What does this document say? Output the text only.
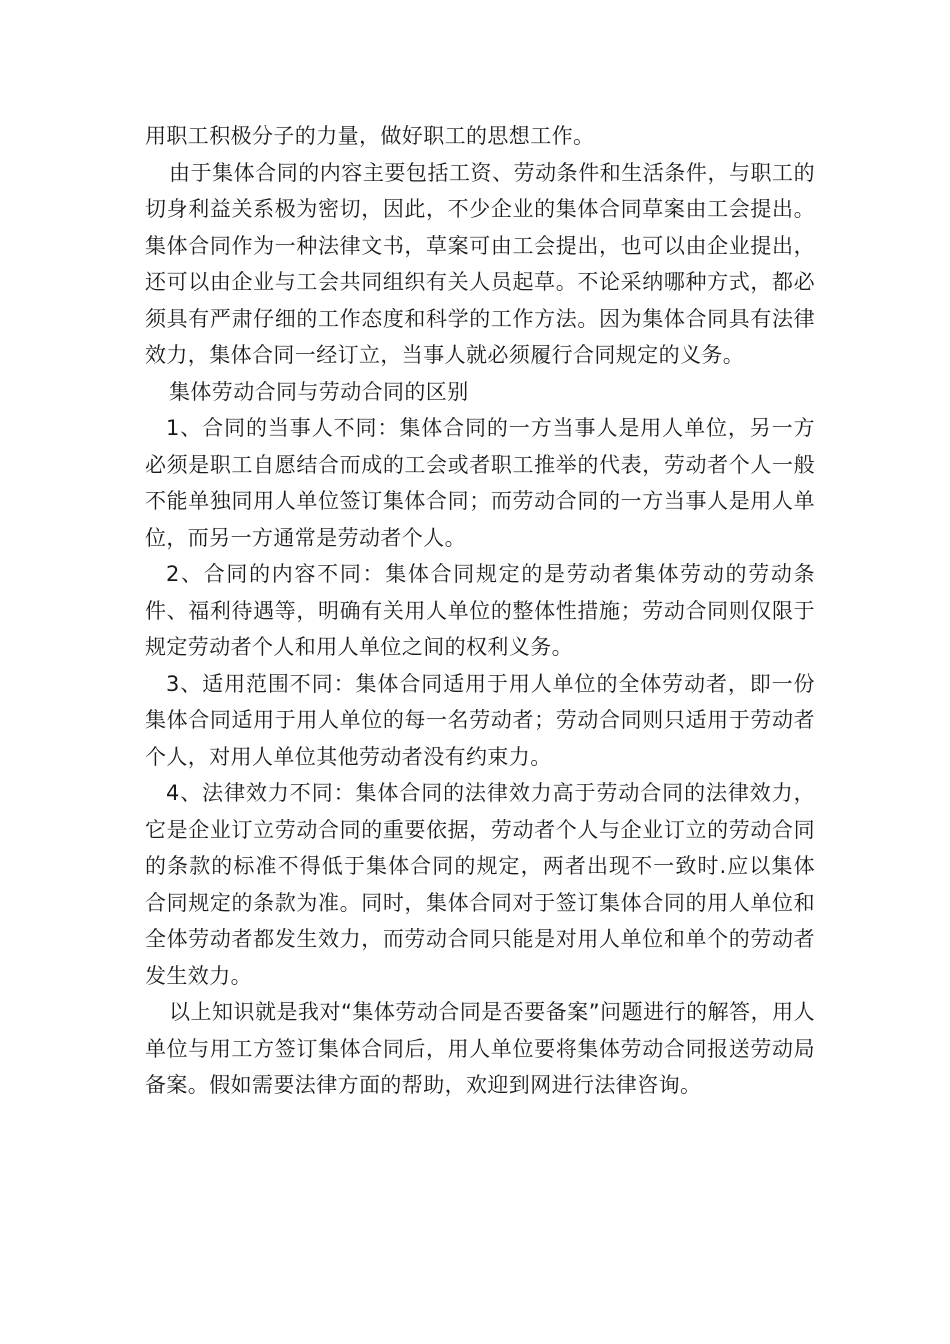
用职工积极分子的力量，做好职工的思想工作。

由于集体合同的内容主要包括工资、劳动条件和生活条件，与职工的切身利益关系极为密切，因此，不少企业的集体合同草案由工会提出。集体合同作为一种法律文书，草案可由工会提出，也可以由企业提出，还可以由企业与工会共同组织有关人员起草。不论采纳哪种方式，都必须具有严肃仔细的工作态度和科学的工作方法。因为集体合同具有法律效力，集体合同一经订立，当事人就必须履行合同规定的义务。

集体劳动合同与劳动合同的区别

1、合同的当事人不同：集体合同的一方当事人是用人单位，另一方必须是职工自愿结合而成的工会或者职工推举的代表，劳动者个人一般不能单独同用人单位签订集体合同；而劳动合同的一方当事人是用人单位，而另一方通常是劳动者个人。

2、合同的内容不同：集体合同规定的是劳动者集体劳动的劳动条件、福利待遇等，明确有关用人单位的整体性措施；劳动合同则仅限于规定劳动者个人和用人单位之间的权利义务。

3、适用范围不同：集体合同适用于用人单位的全体劳动者，即一份集体合同适用于用人单位的每一名劳动者；劳动合同则只适用于劳动者个人，对用人单位其他劳动者没有约束力。

4、法律效力不同：集体合同的法律效力高于劳动合同的法律效力，它是企业订立劳动合同的重要依据，劳动者个人与企业订立的劳动合同的条款的标准不得低于集体合同的规定，两者出现不一致时.应以集体合同规定的条款为准。同时，集体合同对于签订集体合同的用人单位和全体劳动者都发生效力，而劳动合同只能是对用人单位和单个的劳动者发生效力。

以上知识就是我对“集体劳动合同是否要备案”问题进行的解答，用人单位与用工方签订集体合同后，用人单位要将集体劳动合同报送劳动局备案。假如需要法律方面的帮助，欢迎到网进行法律咨询。
